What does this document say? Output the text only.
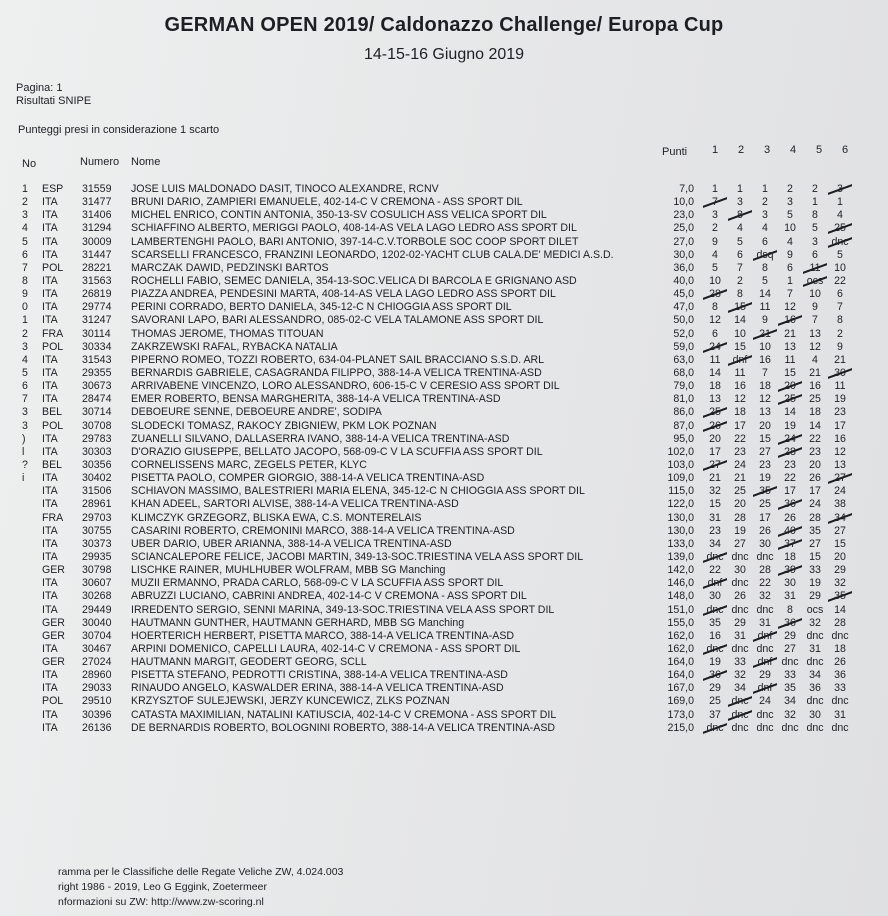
GERMAN OPEN 2019/ Caldonazzo Challenge/ Europa Cup
14-15-16 Giugno 2019
Pagina: 1
Risultati SNIPE
Punteggi presi in considerazione 1 scarto
No	Numero Nome
Punti 1 2 3 4 5 6
1	ESP	31559	JOSE LUIS MALDONADO DASIT, TINOCO ALEXANDRE, RCNV	7,0	1	1	1	2	2	3
2	ITA	31477	BRUNI DARIO, ZAMPIERI EMANUELE, 402-14-C V CREMONA - ASS SPORT DIL	10,0	7	3	2	3	1	1
3	ITA	31406	MICHEL ENRICO, CONTIN ANTONIA, 350-13-SV COSULICH ASS VELICA SPORT DIL	23,0	3	8	3	5	8	4
4	ITA	31294	SCHIAFFINO ALBERTO, MERIGGI PAOLO, 408-14-AS VELA LAGO LEDRO ASS SPORT DIL	25,0	2	4	4	10	5	25
5	ITA	30009	LAMBERTENGHI PAOLO, BARI ANTONIO, 397-14-C.V.TORBOLE SOC COOP SPORT DILET	27,0	9	5	6	4	3	dnc
6	ITA	31447	SCARSELLI FRANCESCO, FRANZINI LEONARDO, 1202-02-YACHT CLUB CALA.DE' MEDICI A.S.D.	30,0	4	6	dsq	9	6	5
7	POL	28221	MARCZAK DAWID, PEDZINSKI BARTOS	36,0	5	7	8	6	11	10
8	ITA	31563	ROCHELLI FABIO, SEMEC DANIELA, 354-13-SOC.VELICA DI BARCOLA E GRIGNANO ASD	40,0	10	2	5	1	ocs	22
9	ITA	26819	PIAZZA ANDREA, PENDESINI MARTA, 408-14-AS VELA LAGO LEDRO ASS SPORT DIL	45,0	28	8	14	7	10	6
0	ITA	29774	PERINI CORRADO, BERTO DANIELA, 345-12-C N CHIOGGIA ASS SPORT DIL	47,0	8	15	11	12	9	7
1	ITA	31247	SAVORANI LAPO, BARI ALESSANDRO, 085-02-C VELA TALAMONE ASS SPORT DIL	50,0	12	14	9	16	7	8
2	FRA	30114	THOMAS JEROME, THOMAS TITOUAN	52,0	6	10	21	21	13	2
3	POL	30334	ZAKRZEWSKI RAFAL, RYBACKA NATALIA	59,0	24	15	10	13	12	9
4	ITA	31543	PIPERNO ROMEO, TOZZI ROBERTO, 634-04-PLANET SAIL BRACCIANO S.S.D. ARL	63,0	11	dnf	16	11	4	21
5	ITA	29355	BERNARDIS GABRIELE, CASAGRANDA FILIPPO, 388-14-A VELICA TRENTINA-ASD	68,0	14	11	7	15	21	30
6	ITA	30673	ARRIVABENE VINCENZO, LORO ALESSANDRO, 606-15-C V CERESIO ASS SPORT DIL	79,0	18	16	18	20	16	11
7	ITA	28474	EMER ROBERTO, BENSA MARGHERITA, 388-14-A VELICA TRENTINA-ASD	81,0	13	12	12	25	25	19
3	BEL	30714	DEBOEURE SENNE, DEBOEURE ANDRE', SODIPA	86,0	25	18	13	14	18	23
3	POL	30708	SLODECKI TOMASZ, RAKOCY ZBIGNIEW, PKM LOK POZNAN	87,0	26	17	20	19	14	17
)	ITA	29783	ZUANELLI SILVANO, DALLASERRA IVANO, 388-14-A VELICA TRENTINA-ASD	95,0	20	22	15	24	22	16
l	ITA	30303	D'ORAZIO GIUSEPPE, BELLATO JACOPO, 568-09-C V LA SCUFFIA ASS SPORT DIL	102,0	17	23	27	28	23	12
?	BEL	30356	CORNELISSENS MARC, ZEGELS PETER, KLYC	103,0	27	24	23	23	20	13
i	ITA	30402	PISETTA PAOLO, COMPER GIORGIO, 388-14-A VELICA TRENTINA-ASD	109,0	21	21	19	22	26	27
ITA	31506	SCHIAVON MASSIMO, BALESTRIERI MARIA ELENA, 345-12-C N CHIOGGIA ASS SPORT DIL	115,0	32	25	35	17	17	24
ITA	28961	KHAN ADEEL, SARTORI ALVISE, 388-14-A VELICA TRENTINA-ASD	122,0	15	20	25	36	24	38
FRA	29703	KLIMCZYK GRZEGORZ, BLISKA EWA, C.S. MONTERELAIS	130,0	31	28	17	26	28	34
ITA	30755	CASARINI ROBERTO, CREMONINI MARCO, 388-14-A VELICA TRENTINA-ASD	130,0	23	19	26	40	35	27
ITA	30373	UBER DARIO, UBER ARIANNA, 388-14-A VELICA TRENTINA-ASD	133,0	34	27	30	37	27	15
ITA	29935	SCIANCALEPORE FELICE, JACOBI MARTIN, 349-13-SOC.TRIESTINA VELA ASS SPORT DIL	139,0	dnc dnc dnc 18	15	20
GER	30798	LISCHKE RAINER, MUHLHUBER WOLFRAM, MBB SG Manching	142,0	22	30	28	39	33	29
ITA	30607	MUZII ERMANNO, PRADA CARLO, 568-09-C V LA SCUFFIA ASS SPORT DIL	146,0	dnf dnc 22	30	19	32
ITA	30268	ABRUZZI LUCIANO, CABRINI ANDREA, 402-14-C V CREMONA - ASS SPORT DIL	148,0	30	26	32	31	29	35
ITA	29449	IRREDENTO SERGIO, SENNI MARINA, 349-13-SOC.TRIESTINA VELA ASS SPORT DIL	151,0	dnc dnc dnc	8	ocs	14
GER	30040	HAUTMANN GUNTHER, HAUTMANN GERHARD, MBB SG Manching	155,0	35	29	31	36	32	28
GER	30704	HOERTERICH HERBERT, PISETTA MARCO, 388-14-A VELICA TRENTINA-ASD	162,0	16	31	dnf	29 dnc dnc
ITA	30467	ARPINI DOMENICO, CAPELLI LAURA, 402-14-C V CREMONA - ASS SPORT DIL	162,0	dnc dnc dnc 27	31	18
GER	27024	HAUTMANN MARGIT, GEODERT GEORG, SCLL	164,0	19	33	dnf dnc dnc 26
ITA	28960	PISETTA STEFANO, PEDROTTI CRISTINA, 388-14-A VELICA TRENTINA-ASD	164,0	36	32	29	33	34	36
ITA	29033	RINAUDO ANGELO, KASWALDER ERINA, 388-14-A VELICA TRENTINA-ASD	167,0	29	34	dnf	35	36	33
POL	29510	KRZYSZTOF SULEJEWSKI, JERZY KUNCEWICZ, ZLKS POZNAN	169,0	25 dnc 24	34 dnc dnc
ITA	30396	CATASTA MAXIMILIAN, NATALINI KATIUSCIA, 402-14-C V CREMONA - ASS SPORT DIL	173,0	37 dnc dnc 32	30	31
ITA	26136	DE BERNARDIS ROBERTO, BOLOGNINI ROBERTO, 388-14-A VELICA TRENTINA-ASD	215,0	dnc dnc dnc dnc dnc dnc
ramma per le Classifiche delle Regate Veliche ZW, 4.024.003
right 1986 - 2019, Leo G Eggink, Zoetermeer
nformazioni su ZW: http://www.zw-scoring.nl
